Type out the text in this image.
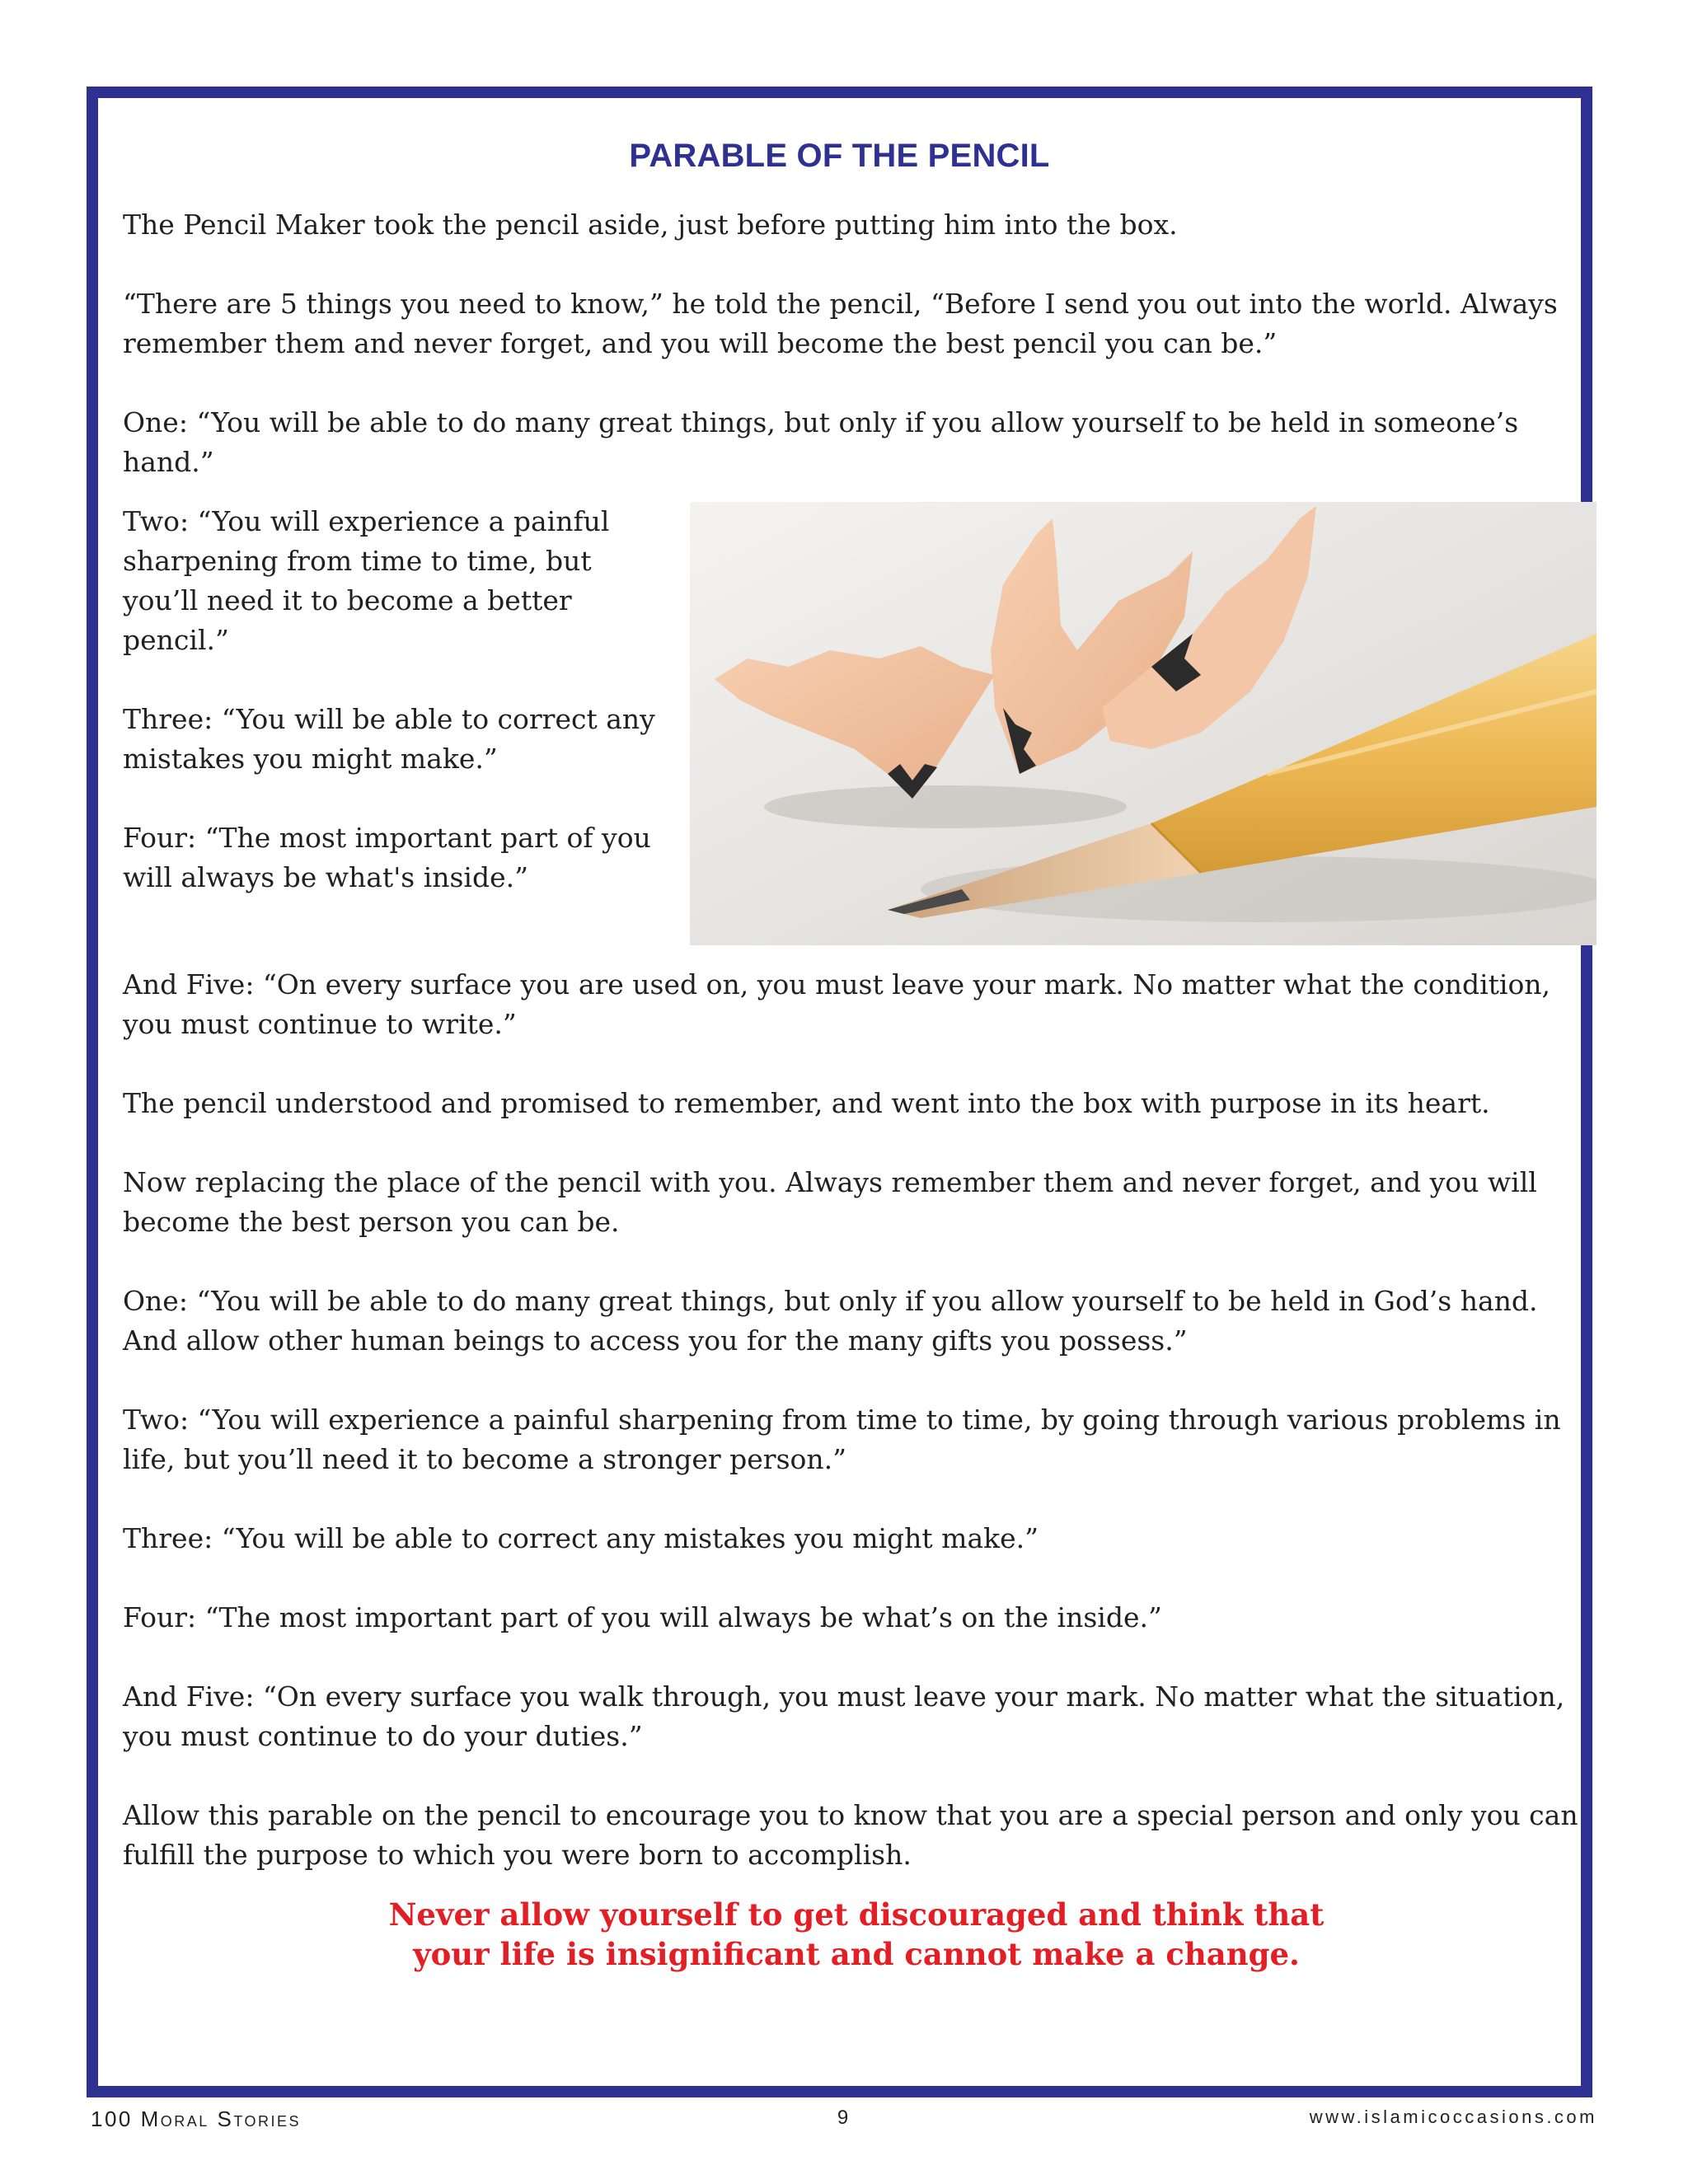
PARABLE OF THE PENCIL

The Pencil Maker took the pencil aside, just before putting him into the box.

“There are 5 things you need to know,” he told the pencil, “Before I send you out into the world. Always remember them and never forget, and you will become the best pencil you can be.”

One: “You will be able to do many great things, but only if you allow yourself to be held in someone’s hand.”

Two: “You will experience a painful sharpening from time to time, but you’ll need it to become a better pencil.”

Three: “You will be able to correct any mistakes you might make.”

Four: “The most important part of you will always be what's inside.”

And Five: “On every surface you are used on, you must leave your mark. No matter what the condition, you must continue to write.”

The pencil understood and promised to remember, and went into the box with purpose in its heart.

Now replacing the place of the pencil with you. Always remember them and never forget, and you will become the best person you can be.

One: “You will be able to do many great things, but only if you allow yourself to be held in God’s hand. And allow other human beings to access you for the many gifts you possess.”

Two: “You will experience a painful sharpening from time to time, by going through various problems in life, but you’ll need it to become a stronger person.”

Three: “You will be able to correct any mistakes you might make.”

Four: “The most important part of you will always be what’s on the inside.”

And Five: “On every surface you walk through, you must leave your mark. No matter what the situation, you must continue to do your duties.”

Allow this parable on the pencil to encourage you to know that you are a special person and only you can fulfill the purpose to which you were born to accomplish.

Never allow yourself to get discouraged and think that
your life is insignificant and cannot make a change.

100 Moral Stories	9	www.islamicoccasions.com
